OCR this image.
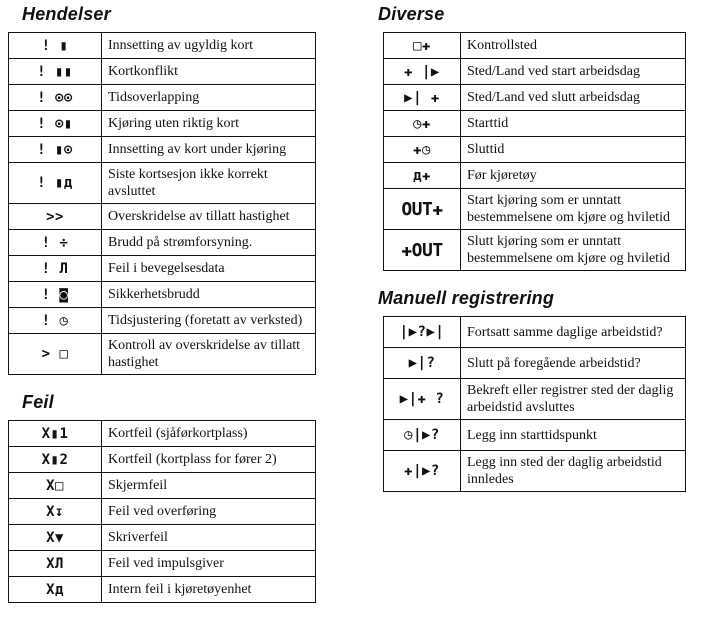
Hendelser
! ▮	Innsetting av ugyldig kort
! ▮▮	Kortkonflikt
! ⊙⊙	Tidsoverlapping
! ⊙▮	Kjøring uten riktig kort
! ▮⊙	Innsetting av kort under kjøring
! ▮д	Siste kortsesjon ikke korrekt avsluttet
>>	Overskridelse av tillatt hastighet
! ÷	Brudd på strømforsyning.
! Л	Feil i bevegelsesdata
! ◙	Sikkerhetsbrudd
! ◷	Tidsjustering (foretatt av verksted)
> □	Kontroll av overskridelse av tillatt hastighet
Feil
X▮1	Kortfeil (sjåførkortplass)
X▮2	Kortfeil (kortplass for fører 2)
X□	Skjermfeil
X↧	Feil ved overføring
X▼	Skriverfeil
XЛ	Feil ved impulsgiver
Xд	Intern feil i kjøretøyenhet
Diverse
□✚	Kontrollsted
✚ |▶	Sted/Land ved start arbeidsdag
▶| ✚	Sted/Land ved slutt arbeidsdag
◷✚	Starttid
✚◷	Sluttid
д✚	Før kjøretøy
OUT✚	Start kjøring som er unntatt bestemmelsene om kjøre og hviletid
✚OUT	Slutt kjøring som er unntatt bestemmelsene om kjøre og hviletid
Manuell registrering
|▶?▶|	Fortsatt samme daglige arbeidstid?
▶|?	Slutt på foregående arbeidstid?
▶|✚ ?	Bekreft eller registrer sted der daglig arbeidstid avsluttes
◷|▶?	Legg inn starttidspunkt
✚|▶?	Legg inn sted der daglig arbeidstid innledes
